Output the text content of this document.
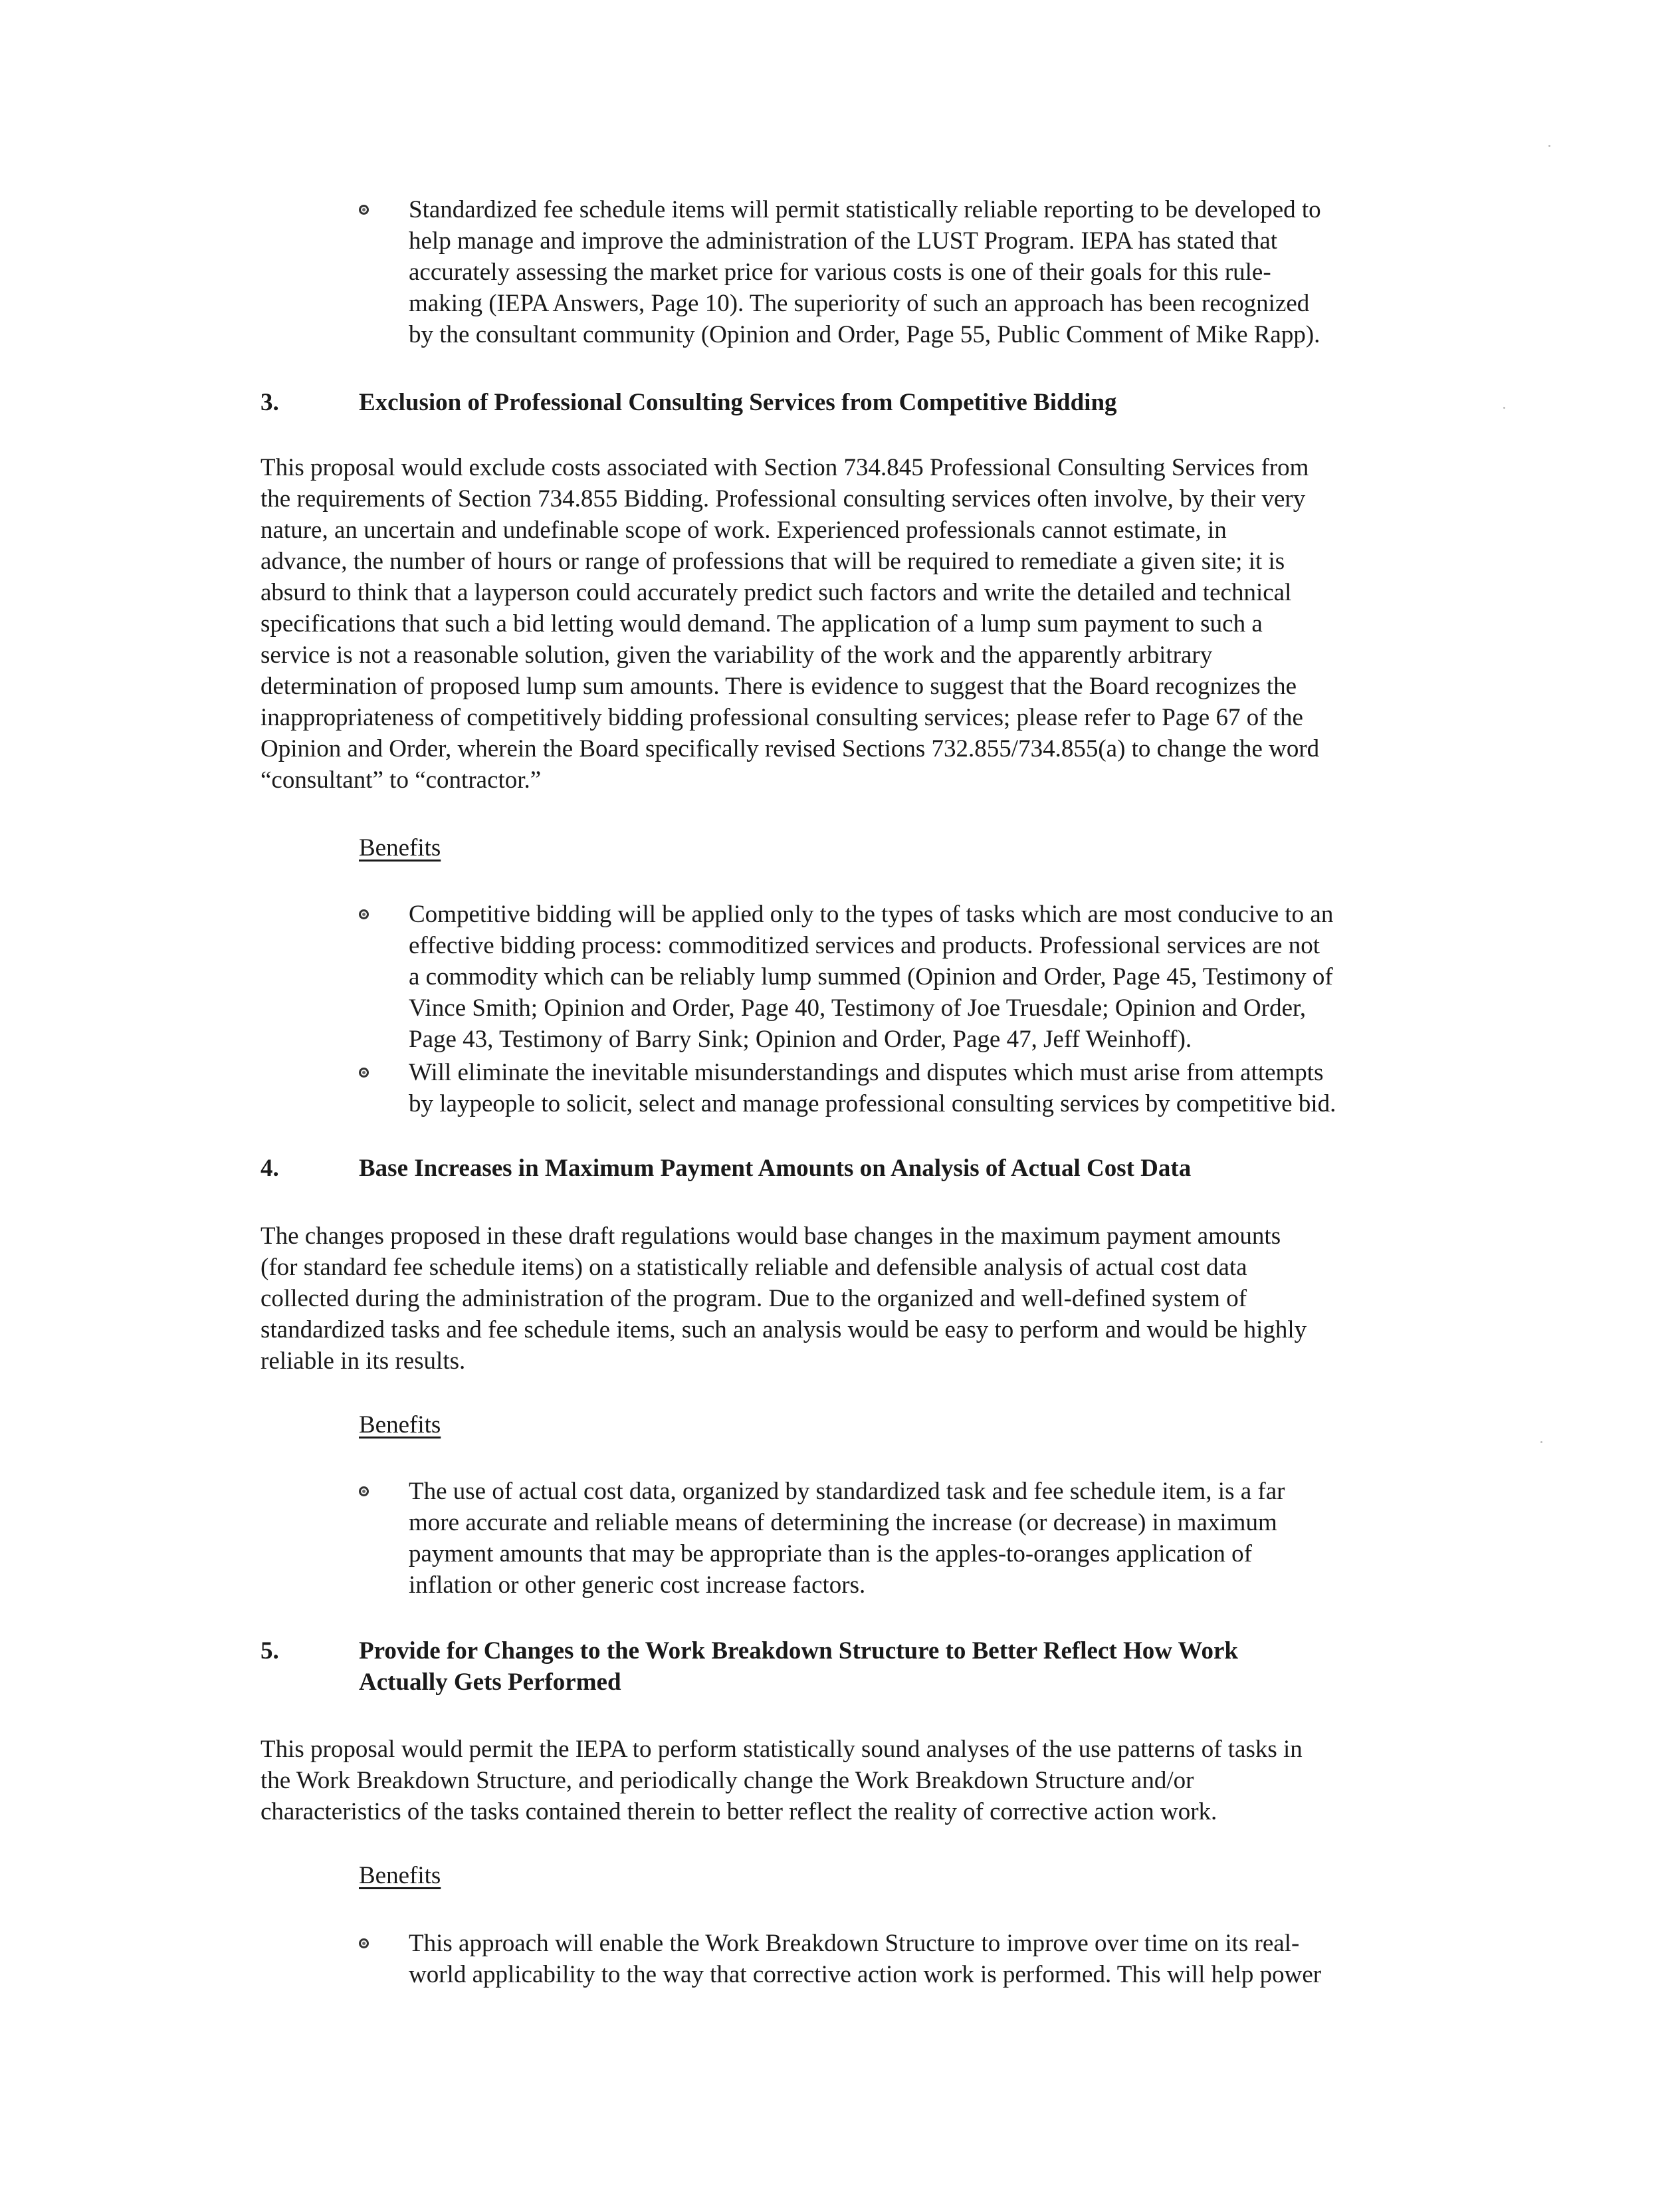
Standardized fee schedule items will permit statistically reliable reporting to be developed to
help manage and improve the administration of the LUST Program. IEPA has stated that
accurately assessing the market price for various costs is one of their goals for this rule-
making (IEPA Answers, Page 10). The superiority of such an approach has been recognized
by the consultant community (Opinion and Order, Page 55, Public Comment of Mike Rapp).
3.	Exclusion of Professional Consulting Services from Competitive Bidding
This proposal would exclude costs associated with Section 734.845 Professional Consulting Services from
the requirements of Section 734.855 Bidding. Professional consulting services often involve, by their very
nature, an uncertain and undefinable scope of work. Experienced professionals cannot estimate, in
advance, the number of hours or range of professions that will be required to remediate a given site; it is
absurd to think that a layperson could accurately predict such factors and write the detailed and technical
specifications that such a bid letting would demand. The application of a lump sum payment to such a
service is not a reasonable solution, given the variability of the work and the apparently arbitrary
determination of proposed lump sum amounts. There is evidence to suggest that the Board recognizes the
inappropriateness of competitively bidding professional consulting services; please refer to Page 67 of the
Opinion and Order, wherein the Board specifically revised Sections 732.855/734.855(a) to change the word
“consultant” to “contractor.”
Benefits
Competitive bidding will be applied only to the types of tasks which are most conducive to an
effective bidding process: commoditized services and products. Professional services are not
a commodity which can be reliably lump summed (Opinion and Order, Page 45, Testimony of
Vince Smith; Opinion and Order, Page 40, Testimony of Joe Truesdale; Opinion and Order,
Page 43, Testimony of Barry Sink; Opinion and Order, Page 47, Jeff Weinhoff).
Will eliminate the inevitable misunderstandings and disputes which must arise from attempts
by laypeople to solicit, select and manage professional consulting services by competitive bid.
4.	Base Increases in Maximum Payment Amounts on Analysis of Actual Cost Data
The changes proposed in these draft regulations would base changes in the maximum payment amounts
(for standard fee schedule items) on a statistically reliable and defensible analysis of actual cost data
collected during the administration of the program. Due to the organized and well-defined system of
standardized tasks and fee schedule items, such an analysis would be easy to perform and would be highly
reliable in its results.
Benefits
The use of actual cost data, organized by standardized task and fee schedule item, is a far
more accurate and reliable means of determining the increase (or decrease) in maximum
payment amounts that may be appropriate than is the apples-to-oranges application of
inflation or other generic cost increase factors.
5.	Provide for Changes to the Work Breakdown Structure to Better Reflect How Work
Actually Gets Performed
This proposal would permit the IEPA to perform statistically sound analyses of the use patterns of tasks in
the Work Breakdown Structure, and periodically change the Work Breakdown Structure and/or
characteristics of the tasks contained therein to better reflect the reality of corrective action work.
Benefits
This approach will enable the Work Breakdown Structure to improve over time on its real-
world applicability to the way that corrective action work is performed. This will help power
